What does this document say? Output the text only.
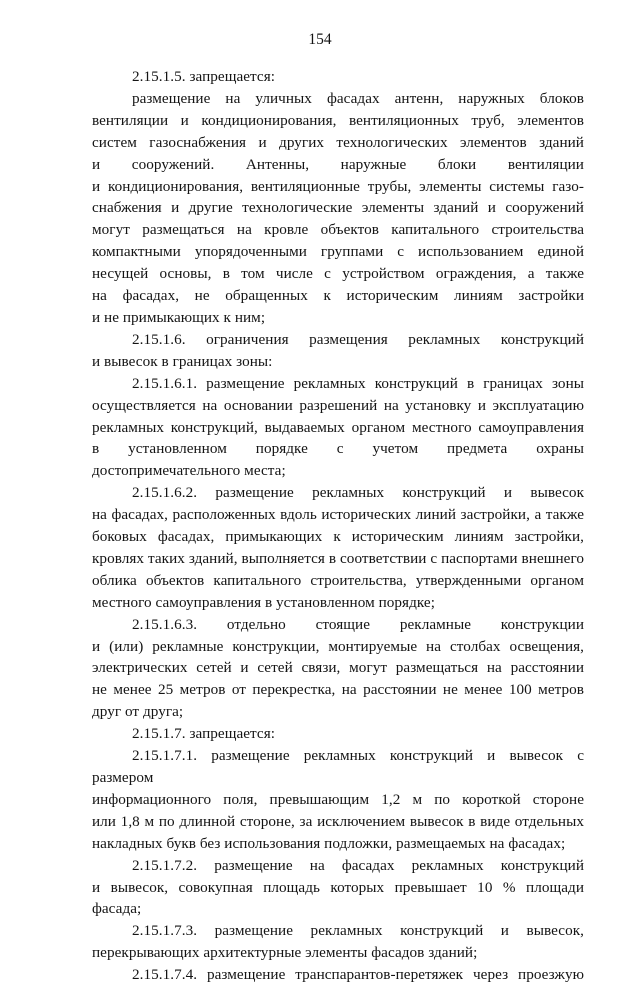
154
2.15.1.5. запрещается:
размещение на уличных фасадах антенн, наружных блоков
вентиляции и кондиционирования, вентиляционных труб, элементов
систем газоснабжения и других технологических элементов зданий
и сооружений. Антенны, наружные блоки вентиляции
и кондиционирования, вентиляционные трубы, элементы системы газо-
снабжения и другие технологические элементы зданий и сооружений
могут размещаться на кровле объектов капитального строительства
компактными упорядоченными группами с использованием единой
несущей основы, в том числе с устройством ограждения, а также
на фасадах, не обращенных к историческим линиям застройки
и не примыкающих к ним;
2.15.1.6. ограничения размещения рекламных конструкций
и вывесок в границах зоны:
2.15.1.6.1. размещение рекламных конструкций в границах зоны
осуществляется на основании разрешений на установку и эксплуатацию
рекламных конструкций, выдаваемых органом местного самоуправления
в установленном порядке с учетом предмета охраны
достопримечательного места;
2.15.1.6.2. размещение рекламных конструкций и вывесок
на фасадах, расположенных вдоль исторических линий застройки, а также
боковых фасадах, примыкающих к историческим линиям застройки,
кровлях таких зданий, выполняется в соответствии с паспортами внешнего
облика объектов капитального строительства, утвержденными органом
местного самоуправления в установленном порядке;
2.15.1.6.3. отдельно стоящие рекламные конструкции
и (или) рекламные конструкции, монтируемые на столбах освещения,
электрических сетей и сетей связи, могут размещаться на расстоянии
не менее 25 метров от перекрестка, на расстоянии не менее 100 метров
друг от друга;
2.15.1.7. запрещается:
2.15.1.7.1. размещение рекламных конструкций и вывесок с размером
информационного поля, превышающим 1,2 м по короткой стороне
или 1,8 м по длинной стороне, за исключением вывесок в виде отдельных
накладных букв без использования подложки, размещаемых на фасадах;
2.15.1.7.2. размещение на фасадах рекламных конструкций
и вывесок, совокупная площадь которых превышает 10 % площади фасада;
2.15.1.7.3. размещение рекламных конструкций и вывесок,
перекрывающих архитектурные элементы фасадов зданий;
2.15.1.7.4. размещение транспарантов-перетяжек через проезжую
